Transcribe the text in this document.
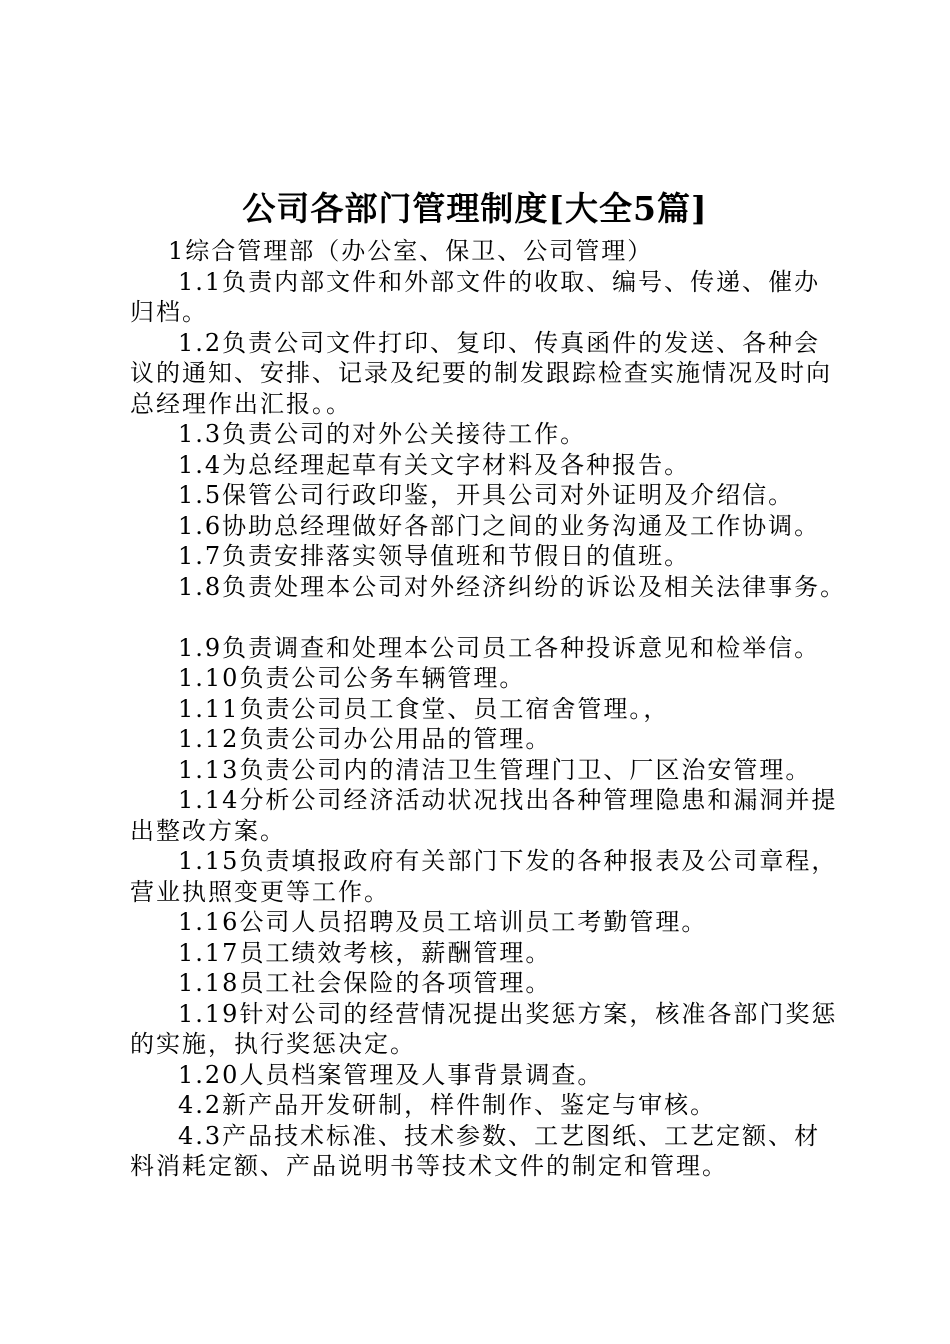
公司各部门管理制度[大全5篇]

1综合管理部（办公室、保卫、公司管理）

1.1负责内部文件和外部文件的收取、编号、传递、催办归档。

1.2负责公司文件打印、复印、传真函件的发送、各种会议的通知、安排、记录及纪要的制发跟踪检查实施情况及时向总经理作出汇报。。

1.3负责公司的对外公关接待工作。

1.4为总经理起草有关文字材料及各种报告。

1.5保管公司行政印鉴，开具公司对外证明及介绍信。

1.6协助总经理做好各部门之间的业务沟通及工作协调。

1.7负责安排落实领导值班和节假日的值班。

1.8负责处理本公司对外经济纠纷的诉讼及相关法律事务。

1.9负责调查和处理本公司员工各种投诉意见和检举信。

1.10负责公司公务车辆管理。

1.11负责公司员工食堂、员工宿舍管理。，

1.12负责公司办公用品的管理。

1.13负责公司内的清洁卫生管理门卫、厂区治安管理。

1.14分析公司经济活动状况找出各种管理隐患和漏洞并提出整改方案。

1.15负责填报政府有关部门下发的各种报表及公司章程，营业执照变更等工作。

1.16公司人员招聘及员工培训员工考勤管理。

1.17员工绩效考核，薪酬管理。

1.18员工社会保险的各项管理。

1.19针对公司的经营情况提出奖惩方案，核准各部门奖惩的实施，执行奖惩决定。

1.20人员档案管理及人事背景调查。

4.2新产品开发研制，样件制作、鉴定与审核。

4.3产品技术标准、技术参数、工艺图纸、工艺定额、材料消耗定额、产品说明书等技术文件的制定和管理。
